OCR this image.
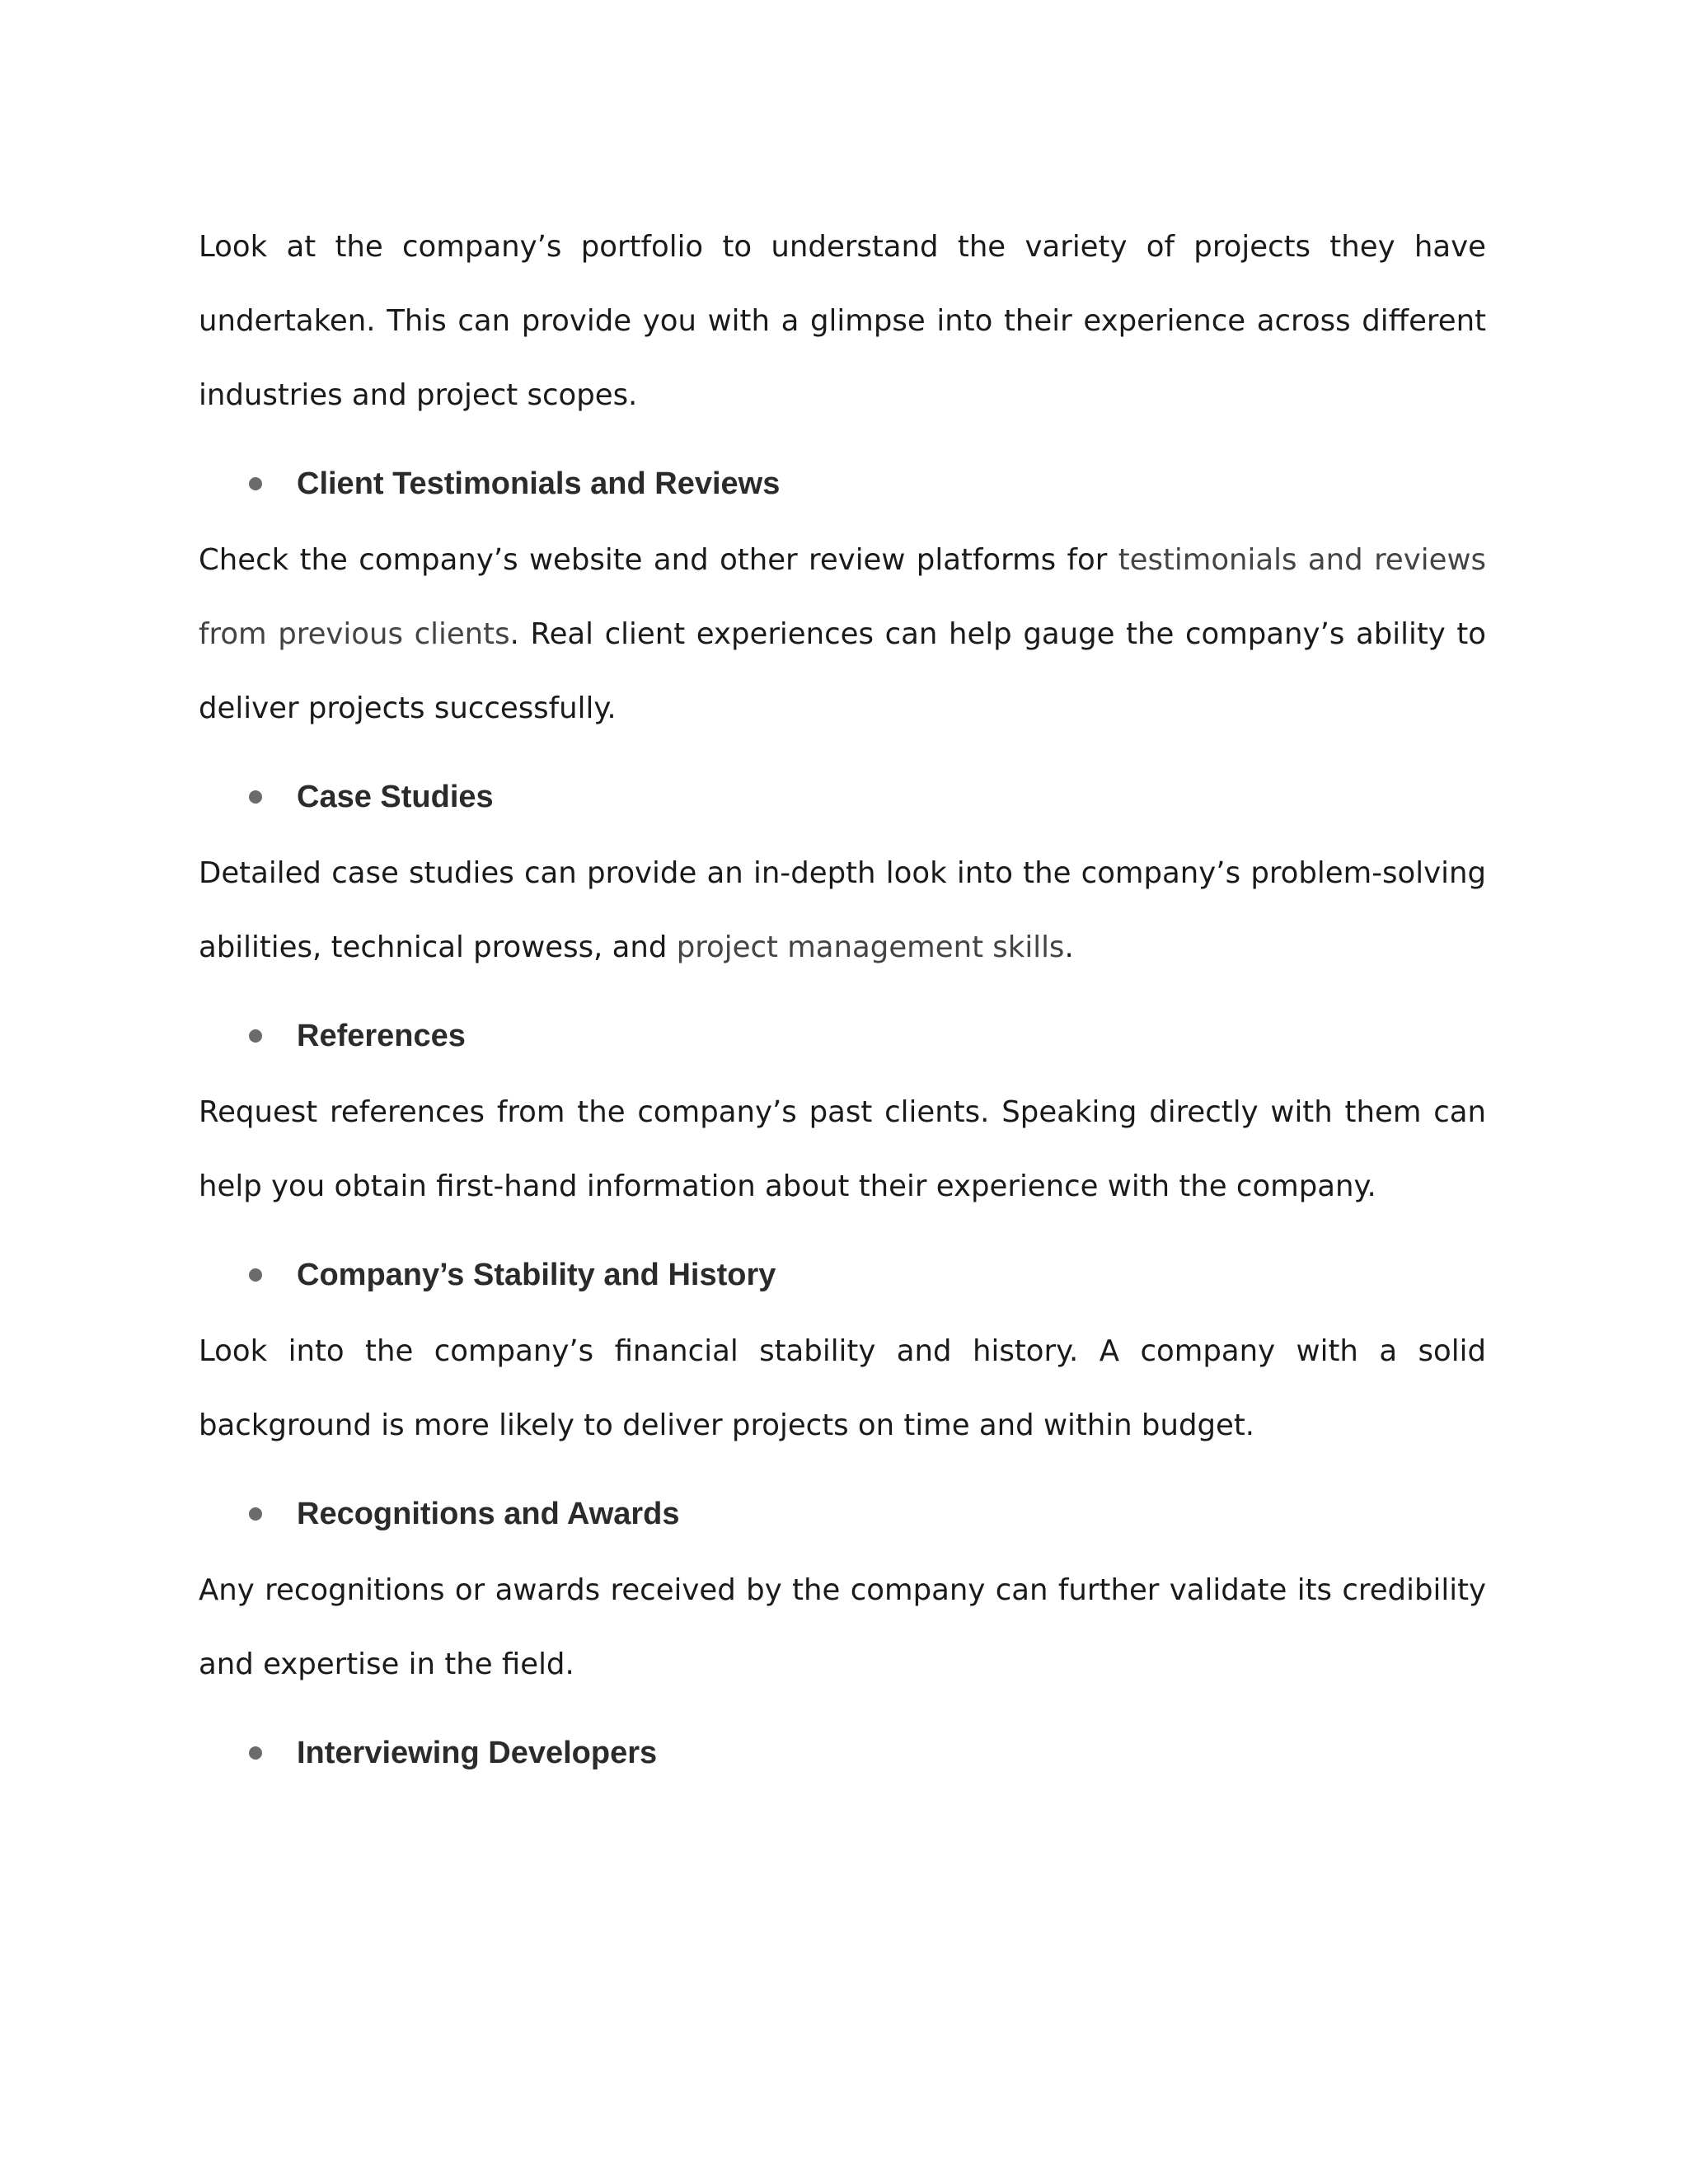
Look at the company’s portfolio to understand the variety of projects they have undertaken. This can provide you with a glimpse into their experience across different industries and project scopes.

Client Testimonials and Reviews

Check the company’s website and other review platforms for testimonials and reviews from previous clients. Real client experiences can help gauge the company’s ability to deliver projects successfully.

Case Studies

Detailed case studies can provide an in-depth look into the company’s problem-solving abilities, technical prowess, and project management skills.

References

Request references from the company’s past clients. Speaking directly with them can help you obtain first-hand information about their experience with the company.

Company’s Stability and History

Look into the company’s financial stability and history. A company with a solid background is more likely to deliver projects on time and within budget.

Recognitions and Awards

Any recognitions or awards received by the company can further validate its credibility and expertise in the field.

Interviewing Developers
